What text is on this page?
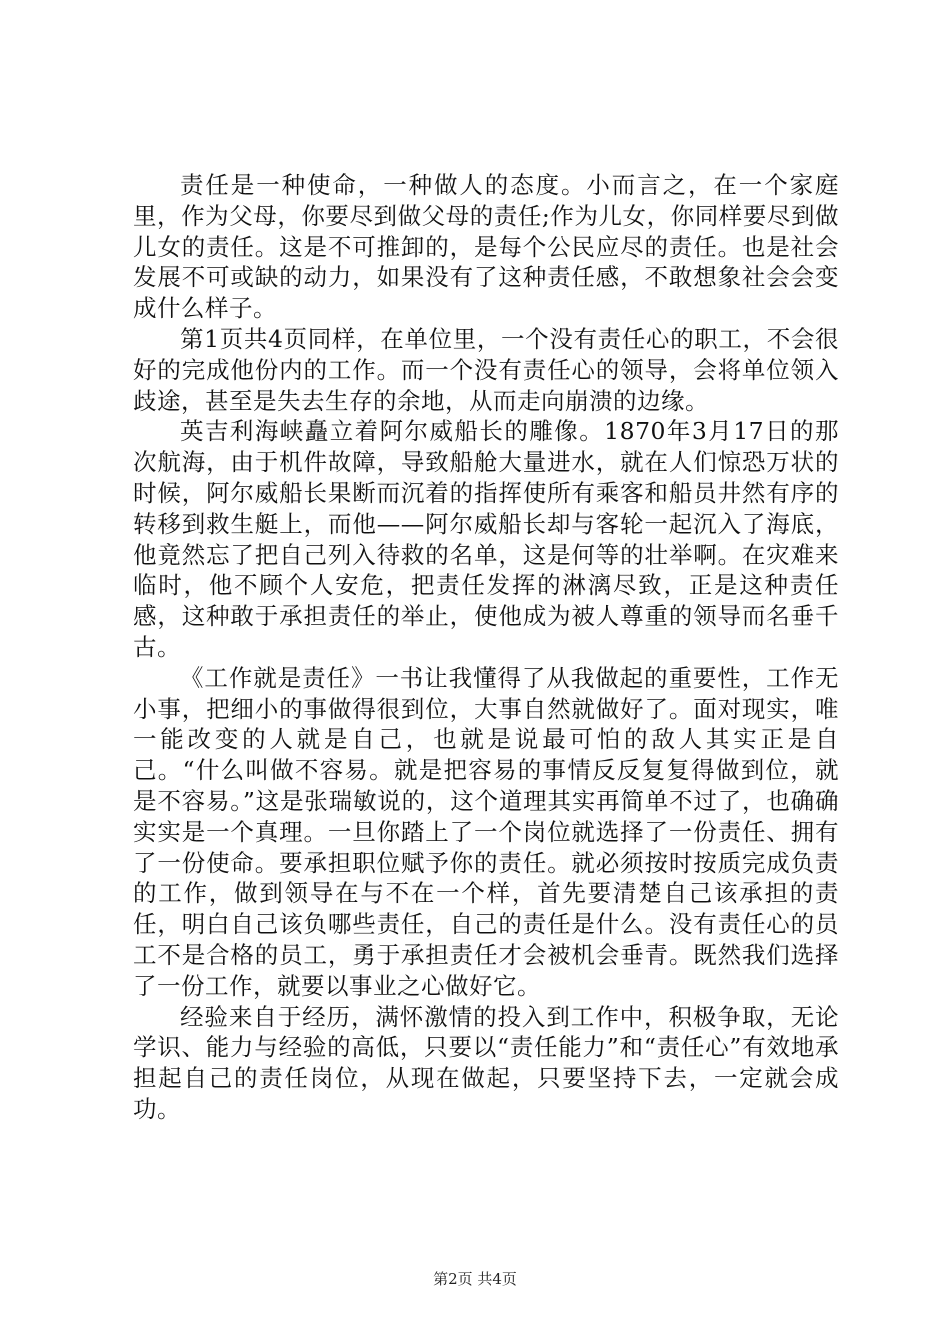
责任是一种使命，一种做人的态度。小而言之，在一个家庭里，作为父母，你要尽到做父母的责任;作为儿女，你同样要尽到做儿女的责任。这是不可推卸的，是每个公民应尽的责任。也是社会发展不可或缺的动力，如果没有了这种责任感，不敢想象社会会变成什么样子。

第1页共4页同样，在单位里，一个没有责任心的职工，不会很好的完成他份内的工作。而一个没有责任心的领导，会将单位领入歧途，甚至是失去生存的余地，从而走向崩溃的边缘。

英吉利海峡矗立着阿尔威船长的雕像。1870年3月17日的那次航海，由于机件故障，导致船舱大量进水，就在人们惊恐万状的时候，阿尔威船长果断而沉着的指挥使所有乘客和船员井然有序的转移到救生艇上，而他——阿尔威船长却与客轮一起沉入了海底，他竟然忘了把自己列入待救的名单，这是何等的壮举啊。在灾难来临时，他不顾个人安危，把责任发挥的淋漓尽致，正是这种责任感，这种敢于承担责任的举止，使他成为被人尊重的领导而名垂千古。

《工作就是责任》一书让我懂得了从我做起的重要性，工作无小事，把细小的事做得很到位，大事自然就做好了。面对现实，唯一能改变的人就是自己，也就是说最可怕的敌人其实正是自己。“什么叫做不容易。就是把容易的事情反反复复得做到位，就是不容易。”这是张瑞敏说的，这个道理其实再简单不过了，也确确实实是一个真理。一旦你踏上了一个岗位就选择了一份责任、拥有了一份使命。要承担职位赋予你的责任。就必须按时按质完成负责的工作，做到领导在与不在一个样，首先要清楚自己该承担的责任，明白自己该负哪些责任，自己的责任是什么。没有责任心的员工不是合格的员工，勇于承担责任才会被机会垂青。既然我们选择了一份工作，就要以事业之心做好它。

经验来自于经历，满怀激情的投入到工作中，积极争取，无论学识、能力与经验的高低，只要以“责任能力”和“责任心”有效地承担起自己的责任岗位，从现在做起，只要坚持下去，一定就会成功。

第2页 共4页
